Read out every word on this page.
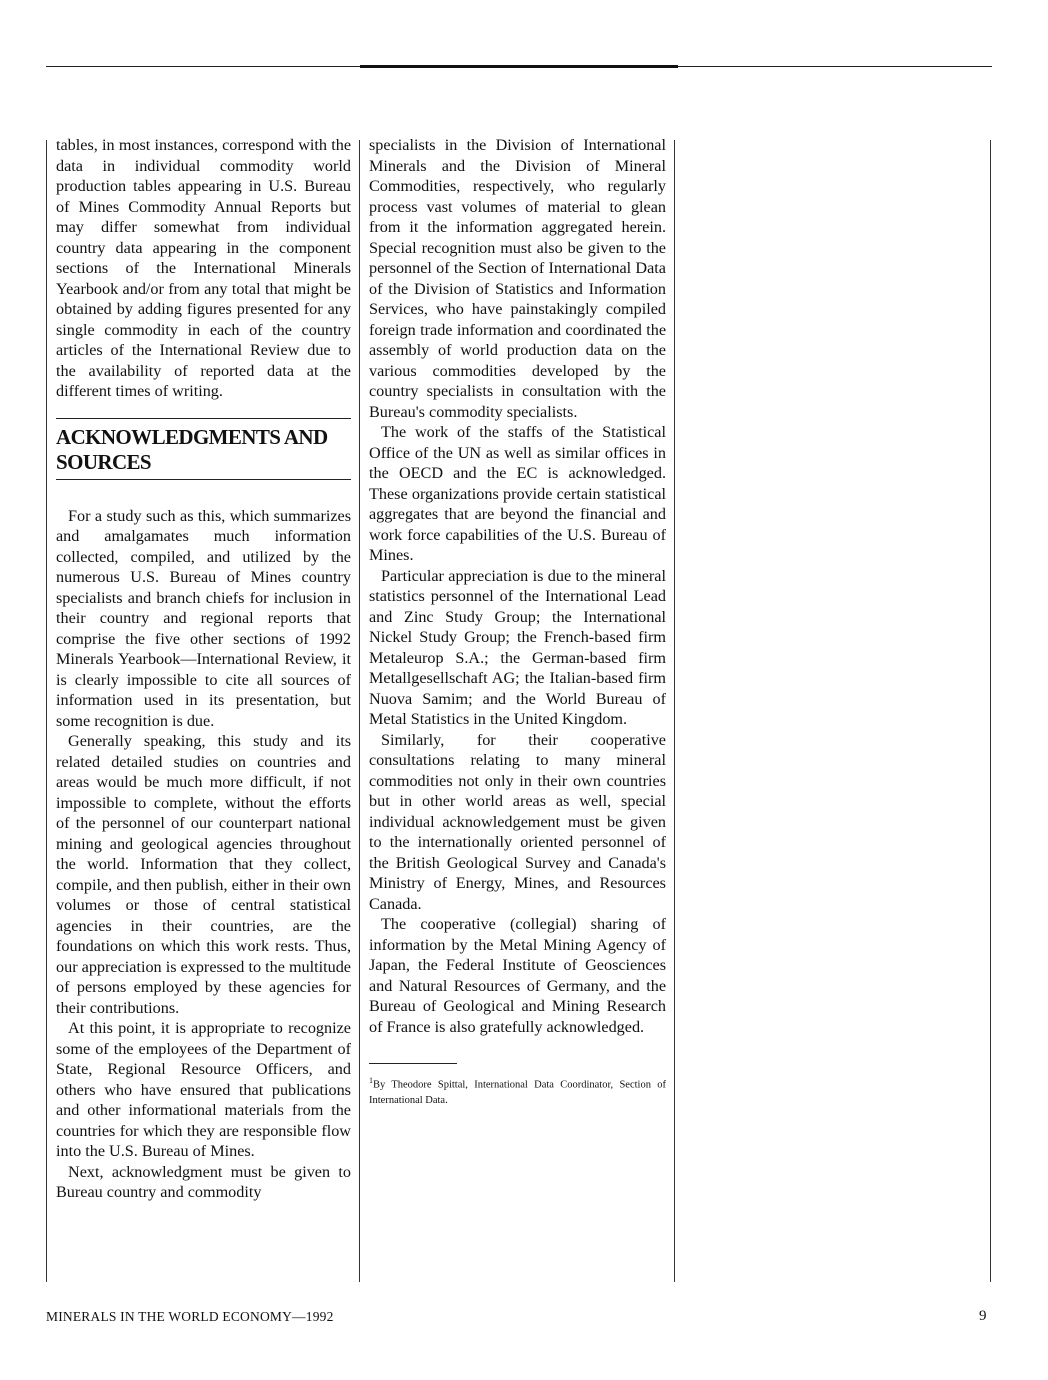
tables, in most instances, correspond with the data in individual commodity world production tables appearing in U.S. Bureau of Mines Commodity Annual Reports but may differ somewhat from individual country data appearing in the component sections of the International Minerals Yearbook and/or from any total that might be obtained by adding figures presented for any single commodity in each of the country articles of the International Review due to the availability of reported data at the different times of writing.

ACKNOWLEDGMENTS AND
SOURCES

For a study such as this, which summarizes and amalgamates much information collected, compiled, and utilized by the numerous U.S. Bureau of Mines country specialists and branch chiefs for inclusion in their country and regional reports that comprise the five other sections of 1992 Minerals Yearbook—International Review, it is clearly impossible to cite all sources of information used in its presentation, but some recognition is due.

Generally speaking, this study and its related detailed studies on countries and areas would be much more difficult, if not impossible to complete, without the efforts of the personnel of our counterpart national mining and geological agencies throughout the world. Information that they collect, compile, and then publish, either in their own volumes or those of central statistical agencies in their countries, are the foundations on which this work rests. Thus, our appreciation is expressed to the multitude of persons employed by these agencies for their contributions.

At this point, it is appropriate to recognize some of the employees of the Department of State, Regional Resource Officers, and others who have ensured that publications and other informational materials from the countries for which they are responsible flow into the U.S. Bureau of Mines.

Next, acknowledgment must be given to Bureau country and commodity

specialists in the Division of International Minerals and the Division of Mineral Commodities, respectively, who regularly process vast volumes of material to glean from it the information aggregated herein. Special recognition must also be given to the personnel of the Section of International Data of the Division of Statistics and Information Services, who have painstakingly compiled foreign trade information and coordinated the assembly of world production data on the various commodities developed by the country specialists in consultation with the Bureau's commodity specialists.

The work of the staffs of the Statistical Office of the UN as well as similar offices in the OECD and the EC is acknowledged. These organizations provide certain statistical aggregates that are beyond the financial and work force capabilities of the U.S. Bureau of Mines.

Particular appreciation is due to the mineral statistics personnel of the International Lead and Zinc Study Group; the International Nickel Study Group; the French-based firm Metaleurop S.A.; the German-based firm Metallgesellschaft AG; the Italian-based firm Nuova Samim; and the World Bureau of Metal Statistics in the United Kingdom.

Similarly, for their cooperative consultations relating to many mineral commodities not only in their own countries but in other world areas as well, special individual acknowledgement must be given to the internationally oriented personnel of the British Geological Survey and Canada's Ministry of Energy, Mines, and Resources Canada.

The cooperative (collegial) sharing of information by the Metal Mining Agency of Japan, the Federal Institute of Geosciences and Natural Resources of Germany, and the Bureau of Geological and Mining Research of France is also gratefully acknowledged.

$^1$By Theodore Spittal, International Data Coordinator, Section of International Data.
MINERALS IN THE WORLD ECONOMY—1992	9
